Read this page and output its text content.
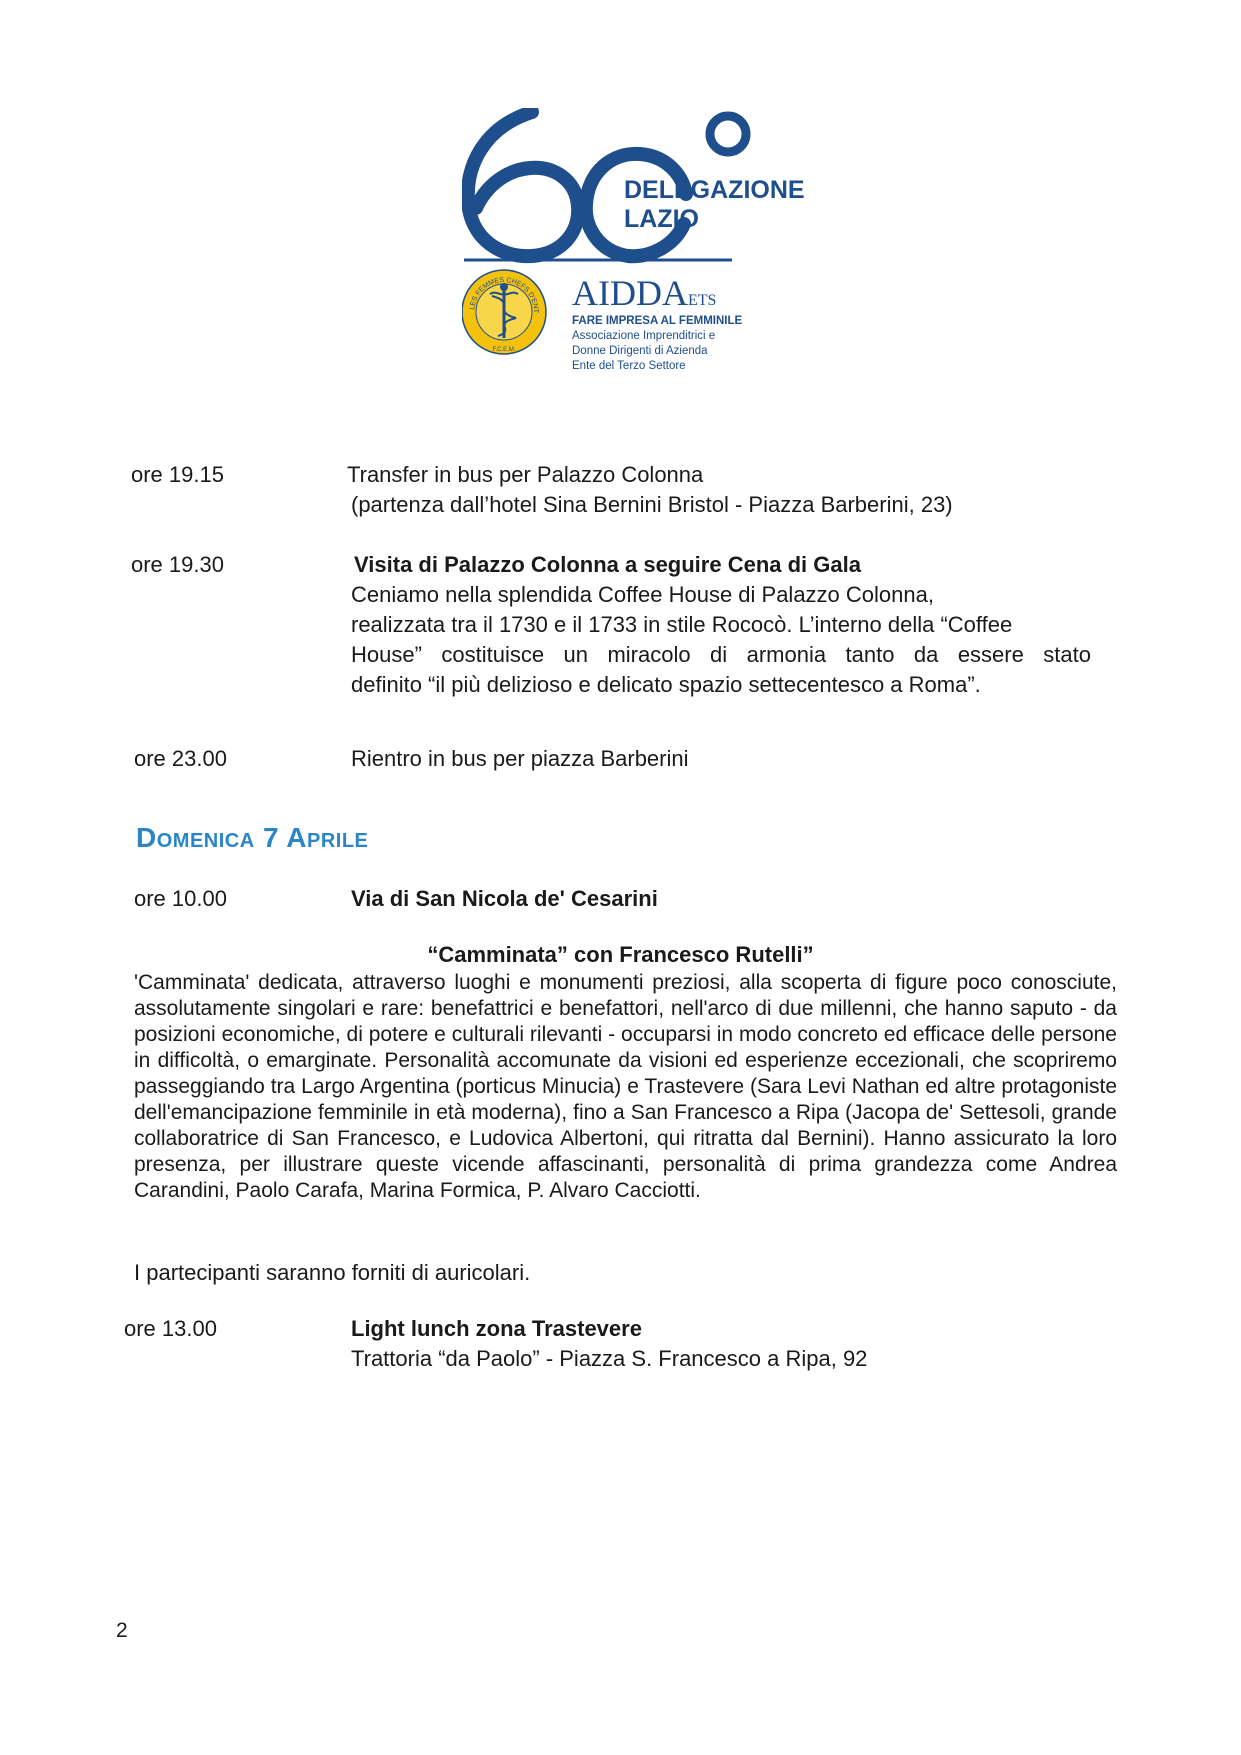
DELEGAZIONE
LAZIO
LES FEMMES CHEFS D'ENT
F.C.E.M.
AIDDA ETS
FARE IMPRESA AL FEMMINILE
Associazione Imprenditrici e
Donne Dirigenti di Azienda
Ente del Terzo Settore
ore 19.15	Transfer in bus per Palazzo Colonna
(partenza dall’hotel Sina Bernini Bristol - Piazza Barberini, 23)
ore 19.30	Visita di Palazzo Colonna a seguire Cena di Gala
Ceniamo nella splendida Coffee House di Palazzo Colonna,
realizzata tra il 1730 e il 1733 in stile Rococò. L’interno della “Coffee
House” costituisce un miracolo di armonia tanto da essere stato
definito “il più delizioso e delicato spazio settecentesco a Roma”.
ore 23.00	Rientro in bus per piazza Barberini
Domenica 7 Aprile
ore 10.00	Via di San Nicola de' Cesarini
“Camminata” con Francesco Rutelli”
'Camminata' dedicata, attraverso luoghi e monumenti preziosi, alla scoperta di figure poco conosciute, assolutamente singolari e rare: benefattrici e benefattori, nell'arco di due millenni, che hanno saputo - da posizioni economiche, di potere e culturali rilevanti - occuparsi in modo concreto ed efficace delle persone in difficoltà, o emarginate. Personalità accomunate da visioni ed esperienze eccezionali, che scopriremo passeggiando tra Largo Argentina (porticus Minucia) e Trastevere (Sara Levi Nathan ed altre protagoniste dell'emancipazione femminile in età moderna), fino a San Francesco a Ripa (Jacopa de' Settesoli, grande collaboratrice di San Francesco, e Ludovica Albertoni, qui ritratta dal Bernini). Hanno assicurato la loro presenza, per illustrare queste vicende affascinanti, personalità di prima grandezza come Andrea Carandini, Paolo Carafa, Marina Formica, P. Alvaro Cacciotti.
I partecipanti saranno forniti di auricolari.
ore 13.00	Light lunch zona Trastevere
Trattoria “da Paolo” - Piazza S. Francesco a Ripa, 92
2
